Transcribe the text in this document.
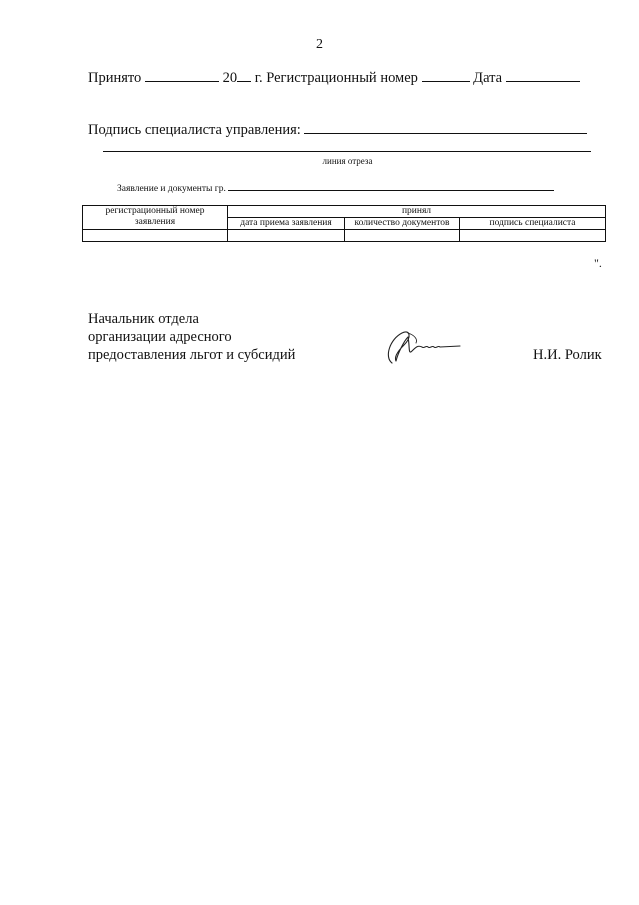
2
Принято	20 г. Регистрационный номер	Дата
Подпись специалиста управления:
линия отреза
Заявление и документы гр.
регистрационный номер заявления	принял		
	дата приема заявления	количество документов	подпись специалиста

".
Начальник отдела
организации адресного
предоставления льгот и субсидий	Н.И. Ролик
